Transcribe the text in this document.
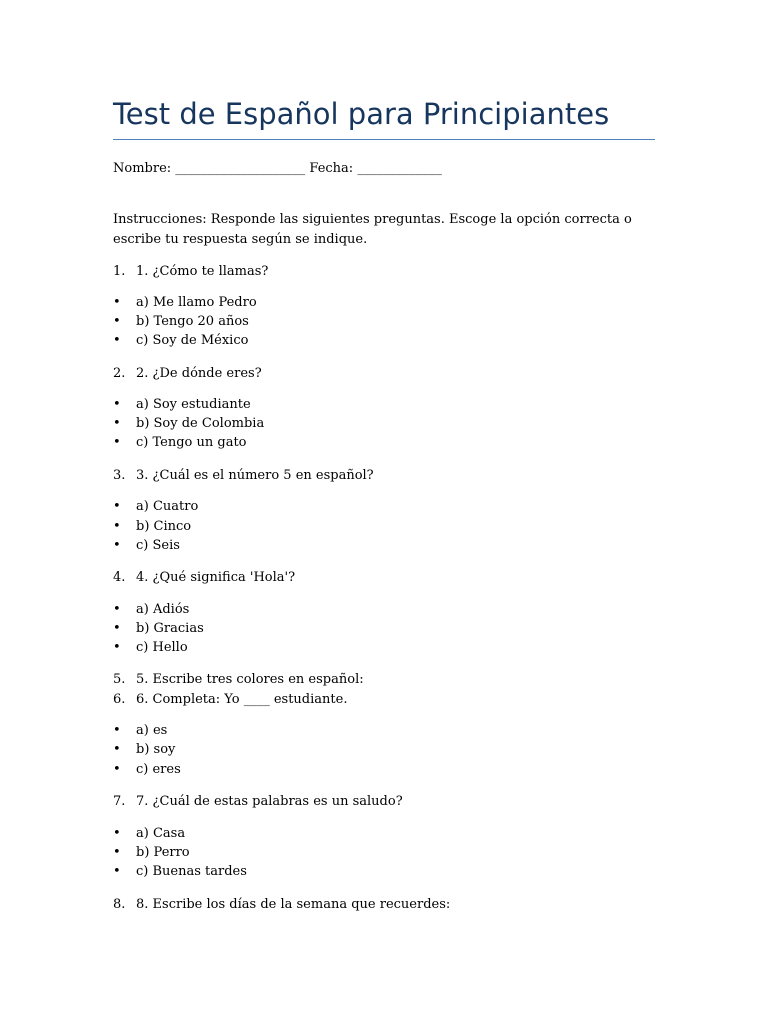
Test de Español para Principiantes
Nombre: ____________________ Fecha: _____________
Instrucciones: Responde las siguientes preguntas. Escoge la opción correcta o escribe tu respuesta según se indique.
1. 1. ¿Cómo te llamas?
• a) Me llamo Pedro
• b) Tengo 20 años
• c) Soy de México
2. 2. ¿De dónde eres?
• a) Soy estudiante
• b) Soy de Colombia
• c) Tengo un gato
3. 3. ¿Cuál es el número 5 en español?
• a) Cuatro
• b) Cinco
• c) Seis
4. 4. ¿Qué significa 'Hola'?
• a) Adiós
• b) Gracias
• c) Hello
5. 5. Escribe tres colores en español:
6. 6. Completa: Yo ____ estudiante.
• a) es
• b) soy
• c) eres
7. 7. ¿Cuál de estas palabras es un saludo?
• a) Casa
• b) Perro
• c) Buenas tardes
8. 8. Escribe los días de la semana que recuerdes:
